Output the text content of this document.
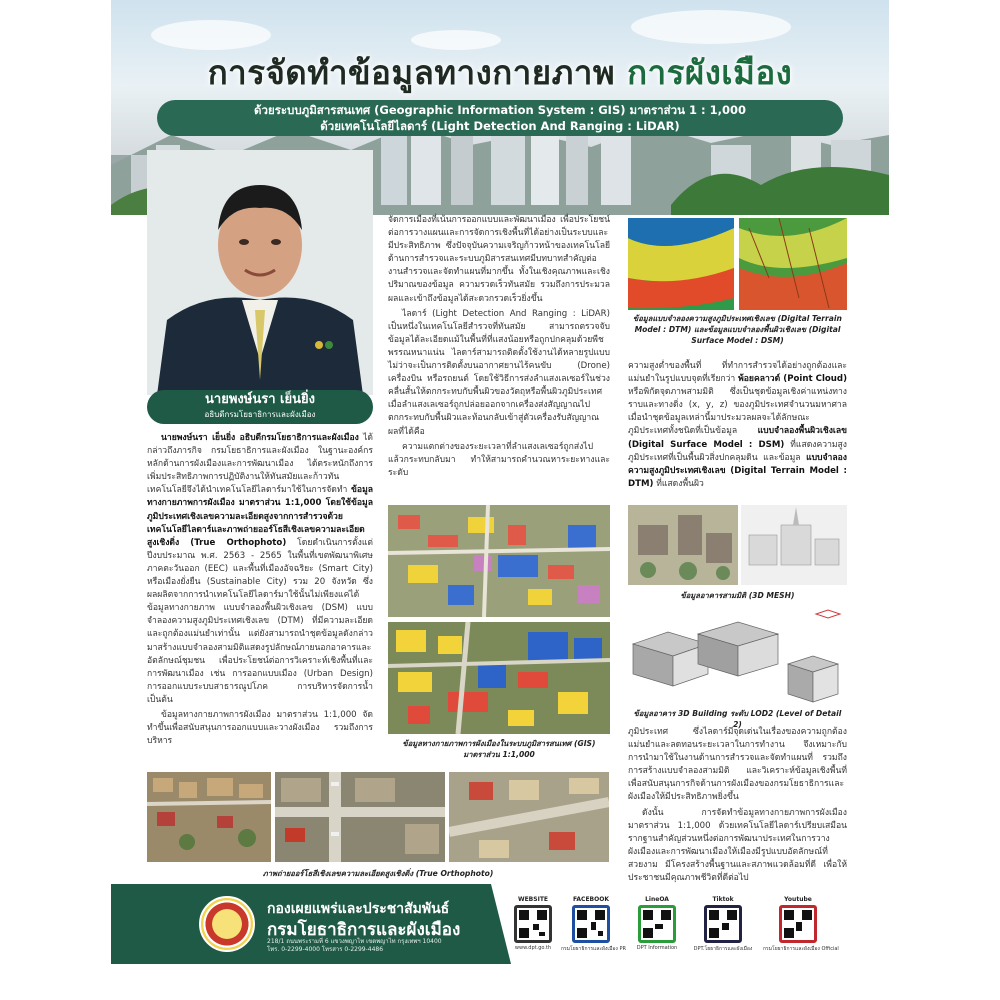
การจัดทำข้อมูลทางกายภาพ การผังเมือง
ด้วยระบบภูมิสารสนเทศ (Geographic Information System : GIS) มาตราส่วน 1 : 1,000
ด้วยเทคโนโลยีไลดาร์ (Light Detection And Ranging : LiDAR)
นายพงษ์นรา เย็นยิ่ง
อธิบดีกรมโยธาธิการและผังเมือง

นายพงษ์นรา เย็นยิ่ง อธิบดีกรมโยธาธิการและผังเมือง ได้กล่าวถึงภารกิจ กรมโยธาธิการและผังเมือง ในฐานะองค์กรหลักด้านการผังเมืองและการพัฒนาเมือง ได้ตระหนักถึงการเพิ่มประสิทธิภาพการปฏิบัติงานให้ทันสมัยและก้าวทันเทคโนโลยีจึงได้นำเทคโนโลยีไลดาร์มาใช้ในการจัดทำ ข้อมูลทางกายภาพการผังเมือง มาตราส่วน 1:1,000 โดยใช้ข้อมูลภูมิประเทศเชิงเลขความละเอียดสูงจากการสำรวจด้วยเทคโนโลยีไลดาร์และภาพถ่ายออร์โธสีเชิงเลขความละเอียดสูงเชิงดิ่ง (True Orthophoto) โดยดำเนินการตั้งแต่ปีงบประมาณ พ.ศ. 2563 - 2565 ในพื้นที่เขตพัฒนาพิเศษภาคตะวันออก (EEC) และพื้นที่เมืองอัจฉริยะ (Smart City) หรือเมืองยั่งยืน (Sustainable City) รวม 20 จังหวัด ซึ่งผลผลิตจากการนำเทคโนโลยีไลดาร์มาใช้นั้นไม่เพียงแค่ได้ข้อมูลทางกายภาพ แบบจำลองพื้นผิวเชิงเลข (DSM) แบบจำลองความสูงภูมิประเทศเชิงเลข (DTM) ที่มีความละเอียดและถูกต้องแม่นยำเท่านั้น แต่ยังสามารถนำชุดข้อมูลดังกล่าวมาสร้างแบบจำลองสามมิติแสดงรูปลักษณ์ภายนอกอาคารและอัตลักษณ์ชุมชน เพื่อประโยชน์ต่อการวิเคราะห์เชิงพื้นที่และการพัฒนาเมือง เช่น การออกแบบเมือง (Urban Design) การออกแบบระบบสาธารณูปโภค การบริหารจัดการน้ำ เป็นต้น

ข้อมูลทางกายภาพการผังเมือง มาตราส่วน 1:1,000 จัดทำขึ้นเพื่อสนับสนุนการออกแบบและวางผังเมือง รวมถึงการบริหาร

จัดการเมืองที่เน้นการออกแบบและพัฒนาเมือง เพื่อประโยชน์ต่อการวางแผนและการจัดการเชิงพื้นที่ได้อย่างเป็นระบบและมีประสิทธิภาพ ซึ่งปัจจุบันความเจริญก้าวหน้าของเทคโนโลยีด้านการสำรวจและระบบภูมิสารสนเทศมีบทบาทสำคัญต่องานสำรวจและจัดทำแผนที่มากขึ้น ทั้งในเชิงคุณภาพและเชิงปริมาณของข้อมูล ความรวดเร็วทันสมัย รวมถึงการประมวลผลและเข้าถึงข้อมูลได้สะดวกรวดเร็วยิ่งขึ้น

ไลดาร์ (Light Detection And Ranging : LiDAR) เป็นหนึ่งในเทคโนโลยีสำรวจที่ทันสมัย สามารถตรวจจับข้อมูลได้ละเอียดแม้ในพื้นที่ที่แสงน้อยหรือถูกปกคลุมด้วยพืชพรรณหนาแน่น ไลดาร์สามารถติดตั้งใช้งานได้หลายรูปแบบ ไม่ว่าจะเป็นการติดตั้งบนอากาศยานไร้คนขับ (Drone) เครื่องบิน หรือรถยนต์ โดยใช้วิธีการส่งลำแสงเลเซอร์ในช่วงคลื่นสั้นให้ตกกระทบกับพื้นผิวของวัตถุหรือพื้นผิวภูมิประเทศ เมื่อลำแสงเลเซอร์ถูกปล่อยออกจากเครื่องส่งสัญญาณไปตกกระทบกับพื้นผิวและท้อนกลับเข้าสู่ตัวเครื่องรับสัญญาณ ผลที่ได้คือ

ความแตกต่างของระยะเวลาที่ลำแสงเลเซอร์ถูกส่งไปแล้วกระทบกลับมา ทำให้สามารถคำนวณหาระยะทางและระดับ

ข้อมูลทางกายภาพการผังเมืองในระบบภูมิสารสนเทศ (GIS)
มาตราส่วน 1:1,000
ข้อมูลแบบจำลองความสูงภูมิประเทศเชิงเลข (Digital Terrain Model : DTM) และข้อมูลแบบจำลองพื้นผิวเชิงเลข (Digital Surface Model : DSM)

ความสูงต่ำของพื้นที่ ที่ทำการสำรวจได้อย่างถูกต้องและแม่นยำในรูปแบบจุดที่เรียกว่า พ้อยคลาวด์ (Point Cloud) หรือพิกัดจุดภาพสามมิติ ซึ่งเป็นชุดข้อมูลเชิงค่าแหน่งทางราบและทางดิ่ง (x, y, z) ของภูมิประเทศจำนวนมหาศาล เมื่อนำชุดข้อมูลเหล่านี้มาประมวลผลจะได้ลักษณะภูมิประเทศทั้งชนิดที่เป็นข้อมูล แบบจำลองพื้นผิวเชิงเลข (Digital Surface Model : DSM) ที่แสดงความสูงภูมิประเทศที่เป็นพื้นผิวสิ่งปกคลุมดิน และข้อมูล แบบจำลองความสูงภูมิประเทศเชิงเลข (Digital Terrain Model : DTM) ที่แสดงพื้นผิว

ข้อมูลอาคารสามมิติ (3D MESH)
ข้อมูลอาคาร 3D Building ระดับ LOD2 (Level of Detail 2)

ภูมิประเทศ ซึ่งไลดาร์มีจุดเด่นในเรื่องของความถูกต้องแม่นยำและลดทอนระยะเวลาในการทำงาน จึงเหมาะกับการนำมาใช้ในงานด้านการสำรวจและจัดทำแผนที่ รวมถึงการสร้างแบบจำลองสามมิติ และวิเคราะห์ข้อมูลเชิงพื้นที่ เพื่อสนับสนุนการกิจด้านการผังเมืองของกรมโยธาธิการและผังเมืองให้มีประสิทธิภาพยิ่งขึ้น

ดังนั้น การจัดทำข้อมูลทางกายภาพการผังเมือง มาตราส่วน 1:1,000 ด้วยเทคโนโลยีไลดาร์เปรียบเสมือนรากฐานสำคัญส่วนหนึ่งต่อการพัฒนาประเทศในการวางผังเมืองและการพัฒนาเมืองให้เมืองมีรูปแบบอัตลักษณ์ที่สวยงาม มีโครงสร้างพื้นฐานและสภาพแวดล้อมที่ดี เพื่อให้ประชาชนมีคุณภาพชีวิตที่ดีต่อไป

ภาพถ่ายออร์โธสีเชิงเลขความละเอียดสูงเชิงดิ่ง (True Orthophoto)
กองเผยแพร่และประชาสัมพันธ์
กรมโยธาธิการและผังเมือง
218/1 ถนนพระรามที่ 6 แขวงพญาไท เขตพญาไท กรุงเทพฯ 10400
โทร. 0-2299-4000 โทรสาร 0-2299-4486
WEBSITE
www.dpt.go.th
FACEBOOK
กรมโยธาธิการและผังเมือง PR
LineOA
DPT Information
Tiktok
DPT.โยธาธิการและผังเมือง
Youtube
กรมโยธาธิการและผังเมือง Official
